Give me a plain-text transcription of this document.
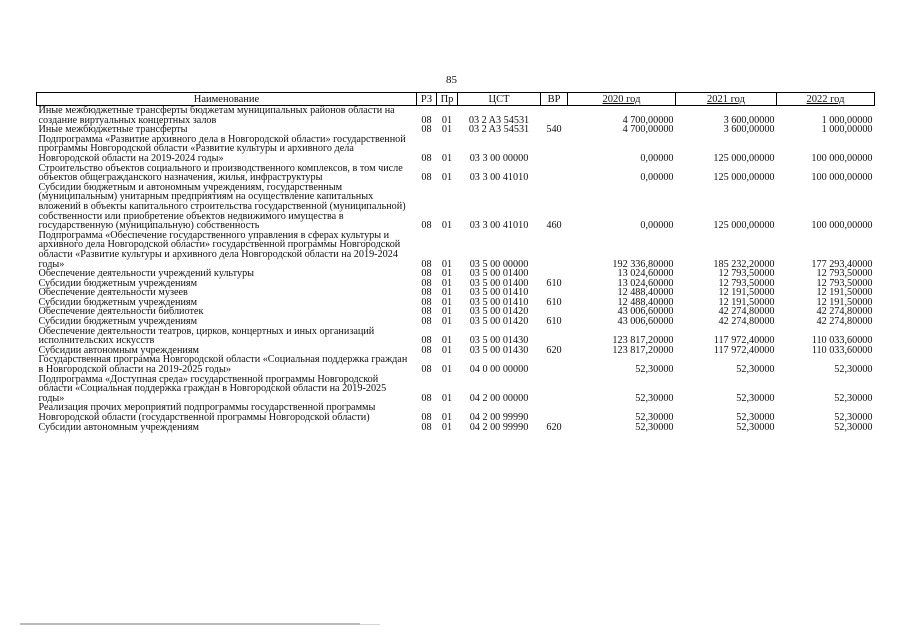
85
Наименование	РЗ	Пр	ЦСТ	ВР	2020 год	2021 год	2022 год
Иные межбюджетные трансферты бюджетам муниципальных районов области на создание виртуальных концертных залов	08	01	03 2 A3 54531		4 700,00000	3 600,00000	1 000,00000
Иные межбюджетные трансферты	08	01	03 2 A3 54531	540	4 700,00000	3 600,00000	1 000,00000
Подпрограмма «Развитие архивного дела в Новгородской области» государственной программы Новгородской области «Развитие культуры и архивного дела Новгородской области на 2019-2024 годы»	08	01	03 3 00 00000		0,00000	125 000,00000	100 000,00000
Строительство объектов социального и производственного комплексов, в том числе объектов общегражданского назначения, жилья, инфраструктуры	08	01	03 3 00 41010		0,00000	125 000,00000	100 000,00000
Субсидии бюджетным и автономным учреждениям, государственным (муниципальным) унитарным предприятиям на осуществление капитальных вложений в объекты капитального строительства государственной (муниципальной) собственности или приобретение объектов недвижимого имущества в государственную (муниципальную) собственность	08	01	03 3 00 41010	460	0,00000	125 000,00000	100 000,00000
Подпрограмма «Обеспечение государственного управления в сферах культуры и архивного дела Новгородской области» государственной программы Новгородской области «Развитие культуры и архивного дела Новгородской области на 2019-2024 годы»	08	01	03 5 00 00000		192 336,80000	185 232,20000	177 293,40000
Обеспечение деятельности учреждений культуры	08	01	03 5 00 01400		13 024,60000	12 793,50000	12 793,50000
Субсидии бюджетным учреждениям	08	01	03 5 00 01400	610	13 024,60000	12 793,50000	12 793,50000
Обеспечение деятельности музеев	08	01	03 5 00 01410		12 488,40000	12 191,50000	12 191,50000
Субсидии бюджетным учреждениям	08	01	03 5 00 01410	610	12 488,40000	12 191,50000	12 191,50000
Обеспечение деятельности библиотек	08	01	03 5 00 01420		43 006,60000	42 274,80000	42 274,80000
Субсидии бюджетным учреждениям	08	01	03 5 00 01420	610	43 006,60000	42 274,80000	42 274,80000
Обеспечение деятельности театров, цирков, концертных и иных организаций исполнительских искусств	08	01	03 5 00 01430		123 817,20000	117 972,40000	110 033,60000
Субсидии автономным учреждениям	08	01	03 5 00 01430	620	123 817,20000	117 972,40000	110 033,60000
Государственная программа Новгородской области «Социальная поддержка граждан в Новгородской области на 2019-2025 годы»	08	01	04 0 00 00000		52,30000	52,30000	52,30000
Подпрограмма «Доступная среда» государственной программы Новгородской области «Социальная поддержка граждан в Новгородской области на 2019-2025 годы»	08	01	04 2 00 00000		52,30000	52,30000	52,30000
Реализация прочих мероприятий подпрограммы государственной программы Новгородской области (государственной программы Новгородской области)	08	01	04 2 00 99990		52,30000	52,30000	52,30000
Субсидии автономным учреждениям	08	01	04 2 00 99990	620	52,30000	52,30000	52,30000
